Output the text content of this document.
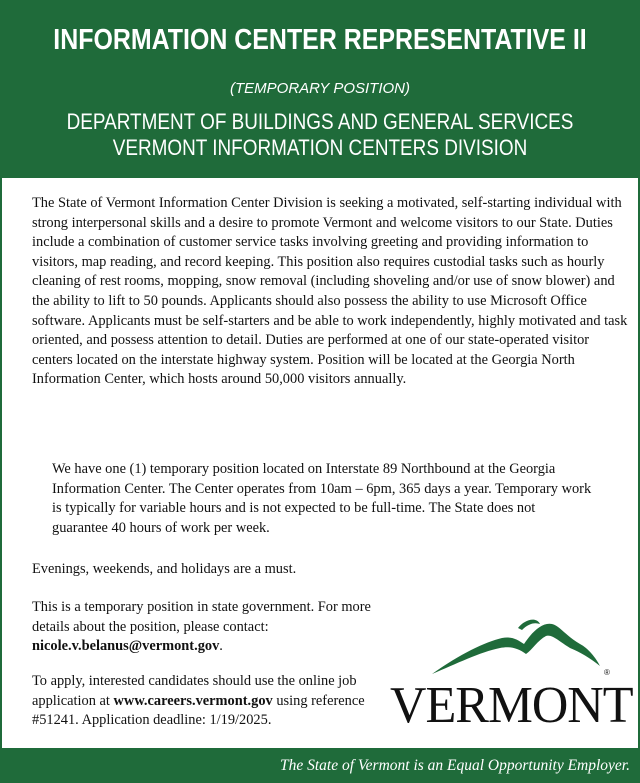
INFORMATION CENTER REPRESENTATIVE II
(TEMPORARY POSITION)
DEPARTMENT OF BUILDINGS AND GENERAL SERVICES
VERMONT INFORMATION CENTERS DIVISION

The State of Vermont Information Center Division is seeking a motivated, self-starting individual with strong interpersonal skills and a desire to promote Vermont and welcome visitors to our State. Duties include a combination of customer service tasks involving greeting and providing information to visitors, map reading, and record keeping. This position also requires custodial tasks such as hourly cleaning of rest rooms, mopping, snow removal (including shoveling and/or use of snow blower) and the ability to lift to 50 pounds. Applicants should also possess the ability to use Microsoft Office software. Applicants must be self-starters and be able to work independently, highly motivated and task oriented, and possess attention to detail. Duties are performed at one of our state-operated visitor centers located on the interstate highway system. Position will be located at the Georgia North Information Center, which hosts around 50,000 visitors annually.

We have one (1) temporary position located on Interstate 89 Northbound at the Georgia Information Center. The Center operates from 10am – 6pm, 365 days a year. Temporary work is typically for variable hours and is not expected to be full-time. The State does not guarantee 40 hours of work per week.

Evenings, weekends, and holidays are a must.

This is a temporary position in state government. For more details about the position, please contact: nicole.v.belanus@vermont.gov.

To apply, interested candidates should use the online job application at www.careers.vermont.gov using reference #51241. Application deadline: 1/19/2025.	VERMONT
®
The State of Vermont is an Equal Opportunity Employer.
